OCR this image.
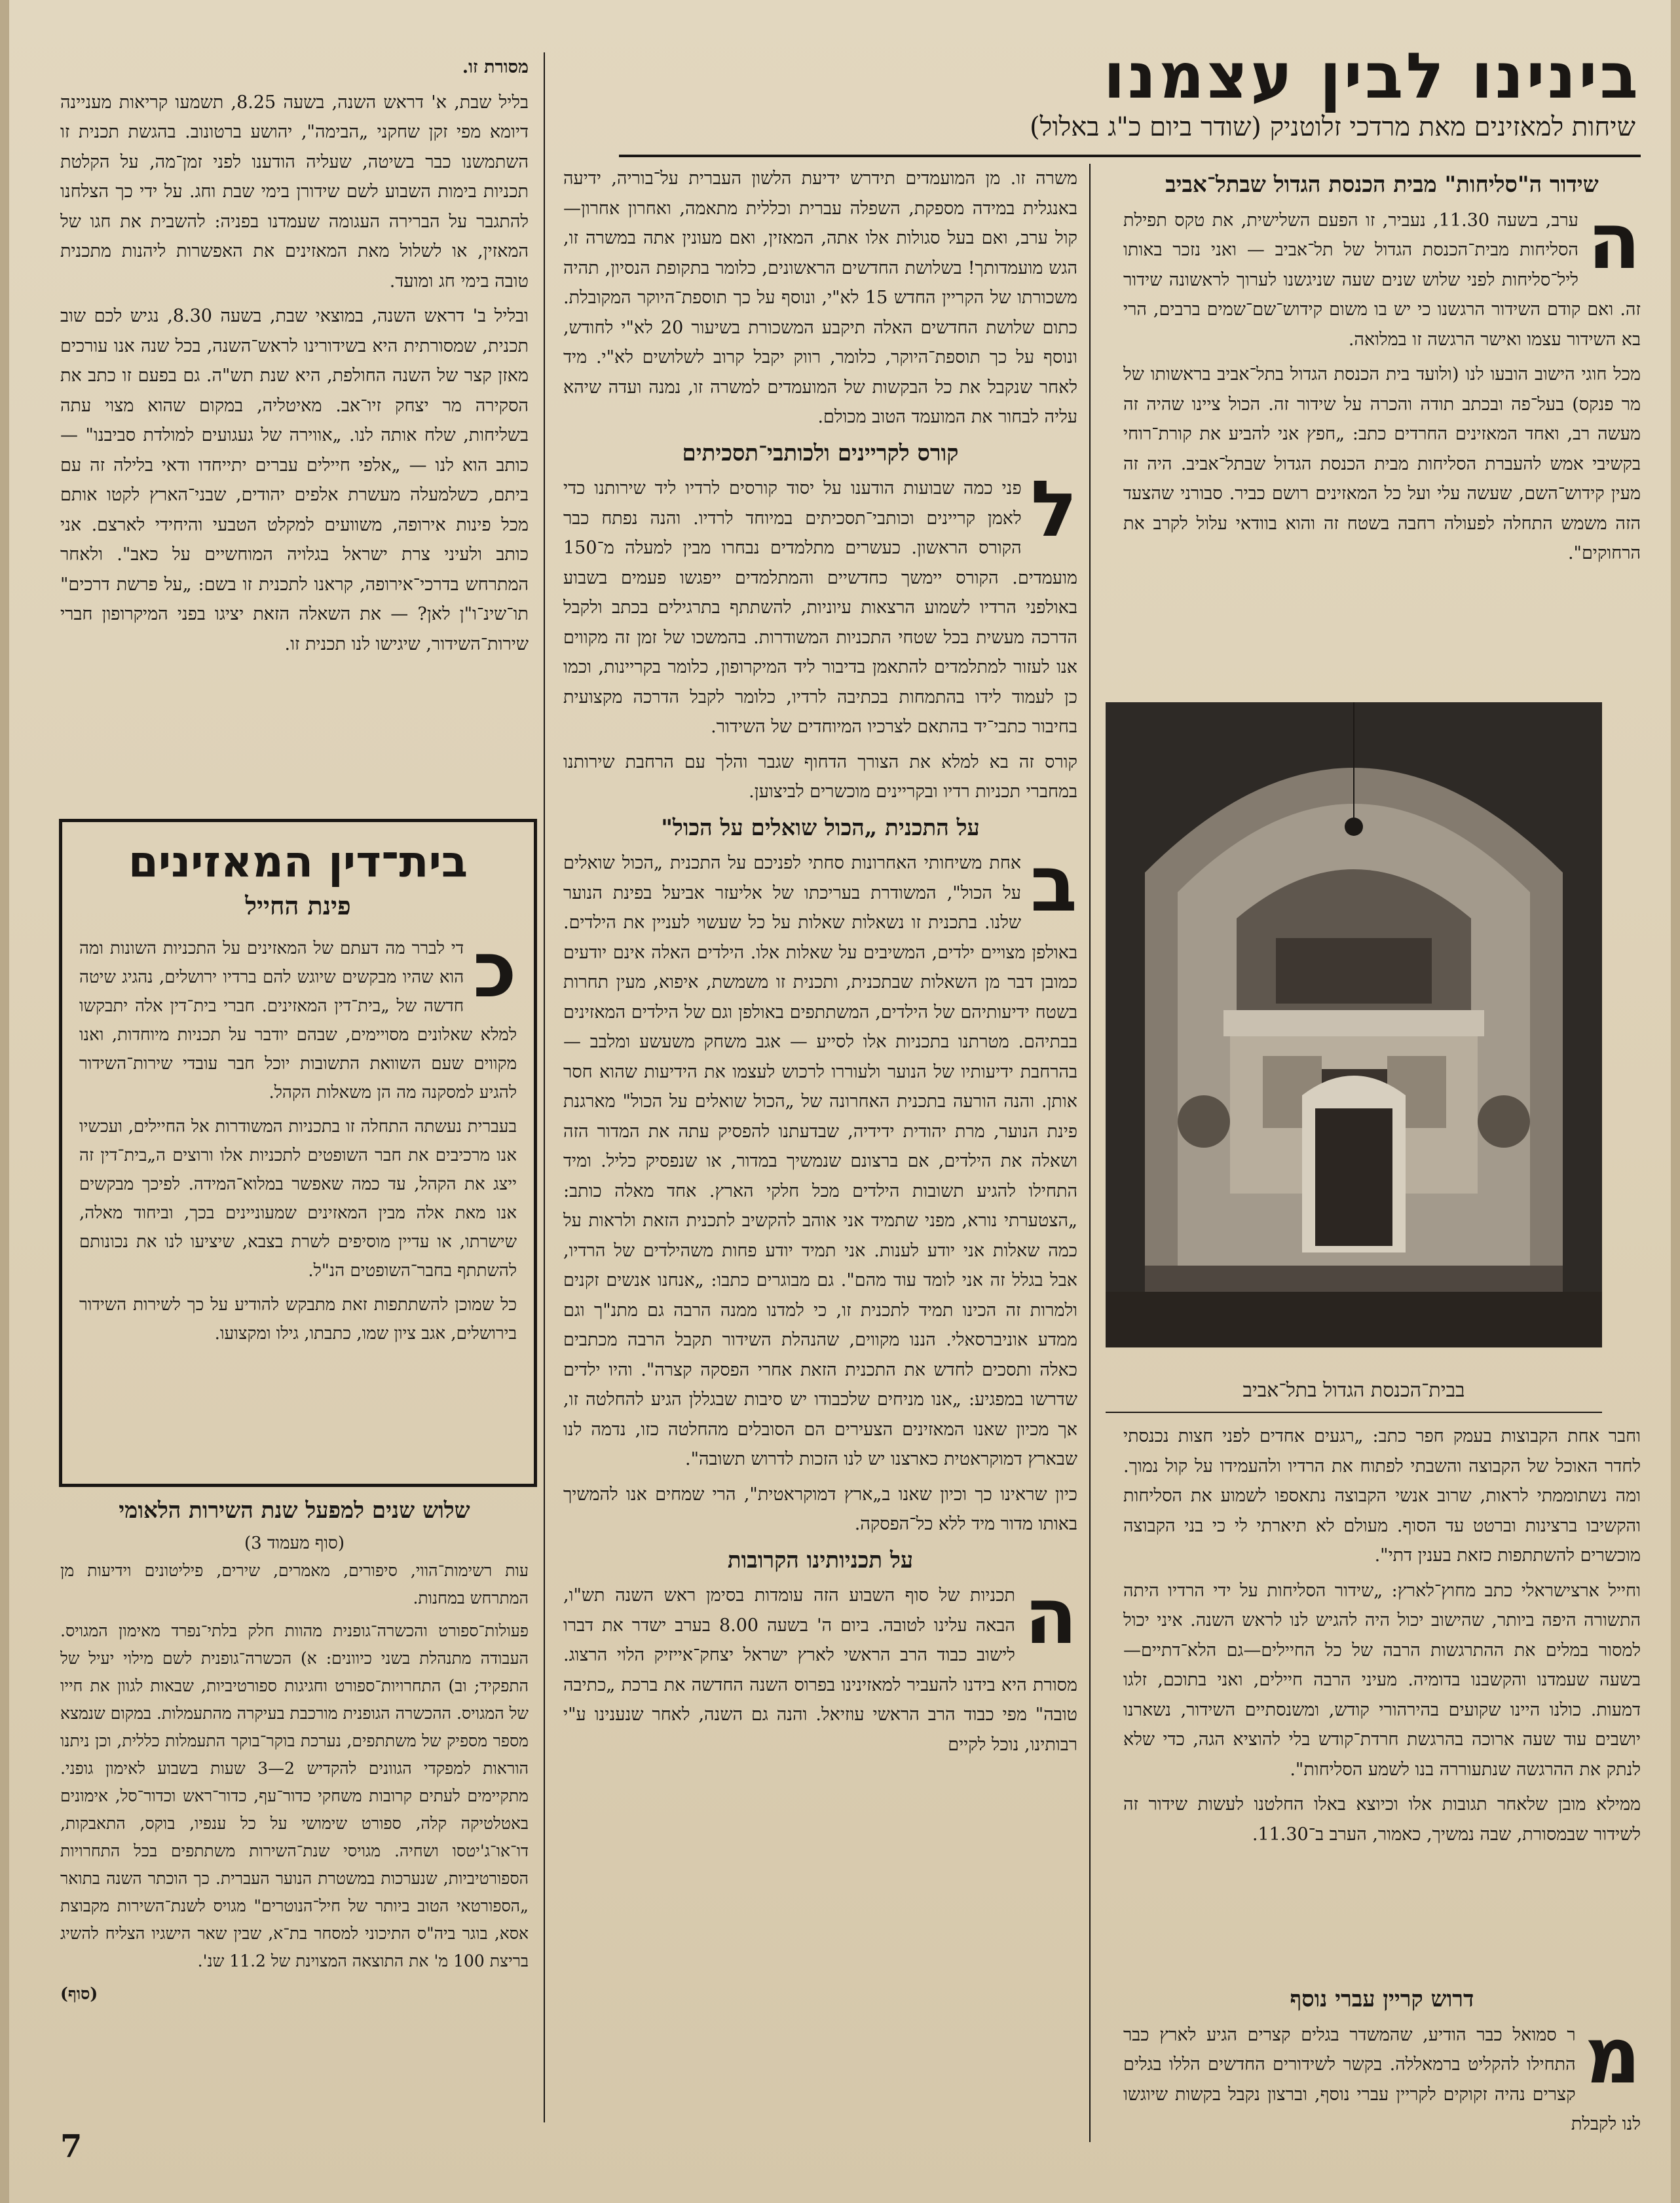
בינינו לבין עצמנו
שיחות למאזינים מאת מרדכי זלוטניק (שודר ביום כ"ג באלול)
שידור ה"סליחות" מבית הכנסת הגדול שבתל־אביב
ה

ערב, בשעה 11.30, נעביר, זו הפעם השלישית, את טקס תפילת הסליחות מבית־הכנסת הגדול של תל־אביב — ואני נזכר באותו ליל־סליחות לפני שלוש שנים שעה שניגשנו לערוך לראשונה שידור זה. ואם קודם השידור הרגשנו כי יש בו משום קידוש־שם־שמים ברבים, הרי בא השידור עצמו ואישר הרגשה זו במלואה.

מכל חוגי הישוב הובעו לנו (ולועד בית הכנסת הגדול בתל־אביב בראשותו של מר פנקס) בעל־פה ובכתב תודה והכרה על שידור זה. הכול ציינו שהיה זה מעשה רב, ואחד המאזינים החרדים כתב: „חפץ אני להביע את קורת־רוחי בקשיבי אמש להעברת הסליחות מבית הכנסת הגדול שבתל־אביב. היה זה מעין קידוש־השם, שעשה עלי ועל כל המאזינים רושם כביר. סבורני שהצעד הזה משמש התחלה לפעולה רחבה בשטח זה והוא בוודאי עלול לקרב את הרחוקים".

בבית־הכנסת הגדול בתל־אביב

וחבר אחת הקבוצות בעמק חפר כתב: „רגעים אחדים לפני חצות נכנסתי לחדר האוכל של הקבוצה והשבתי לפתוח את הרדיו ולהעמידו על קול נמוך. ומה נשתוממתי לראות, שרוב אנשי הקבוצה נתאספו לשמוע את הסליחות והקשיבו ברצינות וברטט עד הסוף. מעולם לא תיארתי לי כי בני הקבוצה מוכשרים להשתתפות כזאת בענין דתי".

וחייל ארצישראלי כתב מחוץ־לארץ: „שידור הסליחות על ידי הרדיו היתה התשורה היפה ביותר, שהישוב יכול היה להגיש לנו לראש השנה. איני יכול למסור במלים את ההתרגשות הרבה של כל החיילים—גם הלא־דתיים—בשעה שעמדנו והקשבנו בדומיה. מעיני הרבה חיילים, ואני בתוכם, זלגו דמעות. כולנו היינו שקועים בהירהורי קודש, ומשנסתיים השידור, נשארנו יושבים עוד שעה ארוכה בהרגשת חרדת־קודש בלי להוציא הגה, כדי שלא לנתק את ההרגשה שנתעוררה בנו לשמע הסליחות".

ממילא מובן שלאחר תגובות אלו וכיוצא באלו החלטנו לעשות שידור זה לשידור שבמסורת, שבה נמשיך, כאמור, הערב ב־11.30.

דרוש קריין עברי נוסף
מ

ר סמואל כבר הודיע, שהמשדר בגלים קצרים הגיע לארץ כבר התחילו להקליט ברמאללה. בקשר לשידורים החדשים הללו בגלים קצרים נהיה זקוקים לקריין עברי נוסף, וברצון נקבל בקשות שיוגשו לנו לקבלת

משרה זו. מן המועמדים תידרש ידיעת הלשון העברית על־בוריה, ידיעה באנגלית במידה מספקת, השפלה עברית וכללית מתאמה, ואחרון אחרון—קול ערב, ואם בעל סגולות אלו אתה, המאזין, ואם מעונין אתה במשרה זו, הגש מועמדותך! בשלושת החדשים הראשונים, כלומר בתקופת הנסיון, תהיה משכורתו של הקריין החדש 15 לא"י, ונוסף על כך תוספת־היוקר המקובלת. כתום שלושת החדשים האלה תיקבע המשכורת בשיעור 20 לא"י לחודש, ונוסף על כך תוספת־היוקר, כלומר, רווק יקבל קרוב לשלושים לא"י. מיד לאחר שנקבל את כל הבקשות של המועמדים למשרה זו, נמנה ועדה שיהא עליה לבחור את המועמד הטוב מכולם.

קורס לקריינים ולכותבי־תסכיתים
ל

פני כמה שבועות הודענו על יסוד קורסים לרדיו ליד שירותנו כדי לאמן קריינים וכותבי־תסכיתים במיוחד לרדיו. והנה נפתח כבר הקורס הראשון. כעשרים מתלמדים נבחרו מבין למעלה מ־150 מועמדים. הקורס יימשך כחדשיים והמתלמדים ייפגשו פעמים בשבוע באולפני הרדיו לשמוע הרצאות עיוניות, להשתתף בתרגילים בכתב ולקבל הדרכה מעשית בכל שטחי התכניות המשודרות. בהמשכו של זמן זה מקווים אנו לעזור למתלמדים להתאמן בדיבור ליד המיקרופון, כלומר בקריינות, וכמו כן לעמוד לידו בהתמחות בכתיבה לרדיו, כלומר לקבל הדרכה מקצועית בחיבור כתבי־יד בהתאם לצרכיו המיוחדים של השידור.

קורס זה בא למלא את הצורך הדחוף שגבר והלך עם הרחבת שירותנו במחברי תכניות רדיו ובקריינים מוכשרים לביצוען.

על התכנית „הכול שואלים על הכול"
ב

אחת משיחותי האחרונות סחתי לפניכם על התכנית „הכול שואלים על הכול", המשודרת בעריכתו של אליעזר אביעל בפינת הנוער שלנו. בתכנית זו נשאלות שאלות על כל שעשוי לעניין את הילדים. באולפן מצויים ילדים, המשיבים על שאלות אלו. הילדים האלה אינם יודעים כמובן דבר מן השאלות שבתכנית, ותכנית זו משמשת, איפוא, מעין תחרות בשטח ידיעותיהם של הילדים, המשתתפים באולפן וגם של הילדים המאזינים בבתיהם. מטרתנו בתכניות אלו לסייע — אגב משחק משעשע ומלבב — בהרחבת ידיעותיו של הנוער ולעוררו לרכוש לעצמו את הידיעות שהוא חסר אותן. והנה הורעה בתכנית האחרונה של „הכול שואלים על הכול" מארגנת פינת הנוער, מרת יהודית ידידיה, שבדעתנו להפסיק עתה את המדור הזה ושאלה את הילדים, אם ברצונם שנמשיך במדור, או שנפסיק כליל. ומיד התחילו להגיע תשובות הילדים מכל חלקי הארץ. אחד מאלה כותב: „הצטערתי נורא, מפני שתמיד אני אוהב להקשיב לתכנית הזאת ולראות על כמה שאלות אני יודע לענות. אני תמיד יודע פחות משהילדים של הרדיו, אבל בגלל זה אני לומד עוד מהם". גם מבוגרים כתבו: „אנחנו אנשים זקנים ולמרות זה הכינו תמיד לתכנית זו, כי למדנו ממנה הרבה גם מתנ"ך וגם ממדע אוניברסאלי. הננו מקווים, שהנהלת השידור תקבל הרבה מכתבים כאלה ותסכים לחדש את התכנית הזאת אחרי הפסקה קצרה". והיו ילדים שדרשו במפגיע: „אנו מניחים שלכבודו יש סיבות שבגללן הגיע להחלטה זו, אך מכיון שאנו המאזינים הצעירים הם הסובלים מהחלטה כזו, נדמה לנו שבארץ דמוקראטית כארצנו יש לנו הזכות לדרוש תשובה".

כיון שראינו כך וכיון שאנו ב„ארץ דמוקראטית", הרי שמחים אנו להמשיך באותו מדור מיד ללא כל־הפסקה.

על תכניותינו הקרובות
ה

תכניות של סוף השבוע הזה עומדות בסימן ראש השנה תש"ו, הבאה עלינו לטובה. ביום ה' בשעה 8.00 בערב ישדר את דברו לישוב כבוד הרב הראשי לארץ ישראל יצחק־אייזיק הלוי הרצוג. מסורת היא בידנו להעביר למאזינינו בפרוס השנה החדשה את ברכת „כתיבה טובה" מפי כבוד הרב הראשי עוזיאל. והנה גם השנה, לאחר שנענינו ע"י רבותינו, נוכל לקיים

מסורת זו.

בליל שבת, א' דראש השנה, בשעה 8.25, תשמעו קריאות מעניינה דיומא מפי זקן שחקני „הבימה", יהושע ברטונוב. בהגשת תכנית זו השתמשנו כבר בשיטה, שעליה הודענו לפני זמן־מה, על הקלטת תכניות בימות השבוע לשם שידורן בימי שבת וחג. על ידי כך הצלחנו להתגבר על הברירה העגומה שעמדנו בפניה: להשבית את חגו של המאזין, או לשלול מאת המאזינים את האפשרות ליהנות מתכנית טובה בימי חג ומועד.

ובליל ב' דראש השנה, במוצאי שבת, בשעה 8.30, נגיש לכם שוב תכנית, שמסורתית היא בשידורינו לראש־השנה, בכל שנה אנו עורכים מאזן קצר של השנה החולפת, היא שנת תש"ה. גם בפעם זו כתב את הסקירה מר יצחק זיו־אב. מאיטליה, במקום שהוא מצוי עתה בשליחות, שלח אותה לנו. „אווירה של געגועים למולדת סביבנו" — כותב הוא לנו — „אלפי חיילים עברים יתייחדו ודאי בלילה זה עם ביתם, כשלמעלה מעשרת אלפים יהודים, שבני־הארץ לקטו אותם מכל פינות אירופה, משוועים למקלט הטבעי והיחידי לארצם. אני כותב ולעיני צרת ישראל בגלויה המוחשיים על כאב". ולאחר המתרחש בדרכי־אירופה, קראנו לתכנית זו בשם: „על פרשת דרכים" תו־שינ־ו"ן לאן? — את השאלה הזאת יציגו בפני המיקרופון חברי שירות־השידור, שיגישו לנו תכנית זו.

בית־דין המאזינים
פינת החייל
כ

די לברר מה דעתם של המאזינים על התכניות השונות ומה הוא שהיו מבקשים שיוגש להם ברדיו ירושלים, נהגיג שיטה חדשה של „בית־דין המאזינים. חברי בית־דין אלה יתבקשו למלא שאלונים מסויימים, שבהם יודבר על תכניות מיוחדות, ואנו מקווים שעם השוואת התשובות יוכל חבר עובדי שירות־השידור להגיע למסקנה מה הן משאלות הקהל.

בעברית נעשתה התחלה זו בתכניות המשודרות אל החיילים, ועכשיו אנו מרכיבים את חבר השופטים לתכניות אלו ורוצים ה„בית־דין זה ייצג את הקהל, עד כמה שאפשר במלוא־המידה. לפיכך מבקשים אנו מאת אלה מבין המאזינים שמעוניינים בכך, וביחוד מאלה, שישרתו, או עדיין מוסיפים לשרת בצבא, שיציעו לנו את נכונותם להשתתף בחבר־השופטים הנ"ל.

כל שמוכן להשתתפות זאת מתבקש להודיע על כך לשירות השידור בירושלים, אגב ציון שמו, כתבתו, גילו ומקצועו.

שלוש שנים למפעל שנת השירות הלאומי
(סוף מעמוד 3)

עות רשימות־הווי, סיפורים, מאמרים, שירים, פיליטונים וידיעות מן המתרחש במחנות.

פעולות־ספורט והכשרה־גופנית מהוות חלק בלתי־נפרד מאימון המגויס. העבודה מתנהלת בשני כיוונים: א) הכשרה־גופנית לשם מילוי יעיל של התפקיד; וב) התחרויות־ספורט וחגיגות ספורטיביות, שבאות לגוון את חייו של המגויס. ההכשרה הגופנית מורכבת בעיקרה מהתעמלות. במקום שנמצא מספר מספיק של משתתפים, נערכת בוקר־בוקר התעמלות כללית, וכן ניתנו הוראות למפקדי הגוונים להקדיש 2—3 שעות בשבוע לאימון גופני. מתקיימים לעתים קרובות משחקי כדור־עף, כדור־ראש וכדור־סל, אימונים באטלטיקה קלה, ספורט שימושי על כל ענפיו, בוקס, התאבקות, דו־או־ג'יטסו ושחיה. מגויסי שנת־השירות משתתפים בכל התחרויות הספורטיביות, שנערכות במשטרת הנוער העברית. כך הוכתר השנה בתואר „הספורטאי הטוב ביותר של חיל־הנוטרים" מגויס לשנת־השירות מקבוצת אסא, בוגר ביה"ס התיכוני למסחר בת־א, שבין שאר הישגיו הצליח להשיג בריצת 100 מ' את התוצאה המצוינת של 11.2 שנ'.

(סוף)

7
